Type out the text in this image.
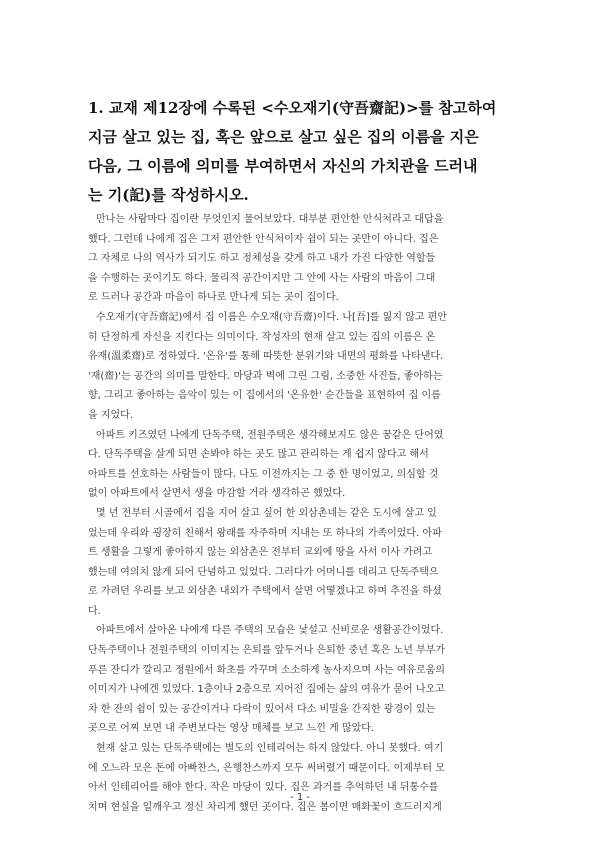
1. 교재 제12장에 수록된 <수오재기(守吾齋記)>를 참고하여
지금 살고 있는 집, 혹은 앞으로 살고 싶은 집의 이름을 지은
다음, 그 이름에 의미를 부여하면서 자신의 가치관을 드러내
는 기(記)를 작성하시오.
만나는 사람마다 집이란 무엇인지 물어보았다. 대부분 편안한 안식처라고 대답을
했다. 그런데 나에게 집은 그저 편안한 안식처이자 쉼이 되는 곳만이 아니다. 집은
그 자체로 나의 역사가 되기도 하고 정체성을 갖게 하고 내가 가진 다양한 역할들
을 수행하는 곳이기도 하다. 물리적 공간이지만 그 안에 사는 사람의 마음이 그대
로 드러나 공간과 마음이 하나로 만나게 되는 곳이 집이다.
수오재기(守吾齋記)에서 집 이름은 수오재(守吾齋)이다. 나[吾]를 잃지 않고 편안
히 단정하게 자신을 지킨다는 의미이다. 작성자의 현재 살고 있는 집의 이름은 온
유재(溫柔齋)로 정하였다. '온유'를 통해 따뜻한 분위기와 내면의 평화를 나타낸다.
'재(齋)'는 공간의 의미를 말한다. 마당과 벽에 그린 그림, 소중한 사진들, 좋아하는
향, 그리고 좋아하는 음악이 있는 이 집에서의 '온유한' 순간들을 표현하여 집 이름
을 지었다.
아파트 키즈였던 나에게 단독주택, 전원주택은 생각해보지도 않은 꿈같은 단어였
다. 단독주택을 살게 되면 손봐야 하는 곳도 많고 관리하는 게 쉽지 않다고 해서
아파트를 선호하는 사람들이 많다. 나도 이전까지는 그 중 한 명이었고, 의심할 것
없이 아파트에서 살면서 생을 마감할 거라 생각하곤 했었다.
몇 년 전부터 시골에서 집을 지어 살고 싶어 한 외삼촌네는 같은 도시에 살고 있
었는데 우리와 굉장히 친해서 왕래를 자주하며 지내는 또 하나의 가족이었다. 아파
트 생활을 그렇게 좋아하지 않는 외삼촌은 전부터 교외에 땅을 사서 이사 가려고
했는데 여의치 않게 되어 단념하고 있었다. 그러다가 어머니를 데리고 단독주택으
로 가려던 우리를 보고 외삼촌 내외가 주택에서 살면 어떻겠냐고 하며 추진을 하셨
다.
아파트에서 살아온 나에게 다른 주택의 모습은 낯설고 신비로운 생활공간이었다.
단독주택이나 전원주택의 이미지는 은퇴를 앞두거나 은퇴한 중년 혹은 노년 부부가
푸른 잔디가 깔리고 정원에서 화초를 가꾸며 소소하게 농사지으며 사는 여유로움의
이미지가 나에겐 있었다. 1층이나 2층으로 지어진 집에는 삶의 여유가 묻어 나오고
차 한 잔의 쉼이 있는 공간이거나 다락이 있어서 다소 비밀을 간직한 광경이 있는
곳으로 어찌 보면 내 주변보다는 영상 매체를 보고 느낀 게 많았다.
현재 살고 있는 단독주택에는 별도의 인테리어는 하지 않았다. 아니 못했다. 여기
에 오느라 모은 돈에 아빠찬스, 은행찬스까지 모두 써버렸기 때문이다. 이제부터 모
아서 인테리어를 해야 한다. 작은 마당이 있다. 집은 과거를 추억하던 내 뒤통수를
치며 현실을 일깨우고 정신 차리게 했던 곳이다. 집은 봄이면 매화꽃이 흐드러지게
- 1 -
